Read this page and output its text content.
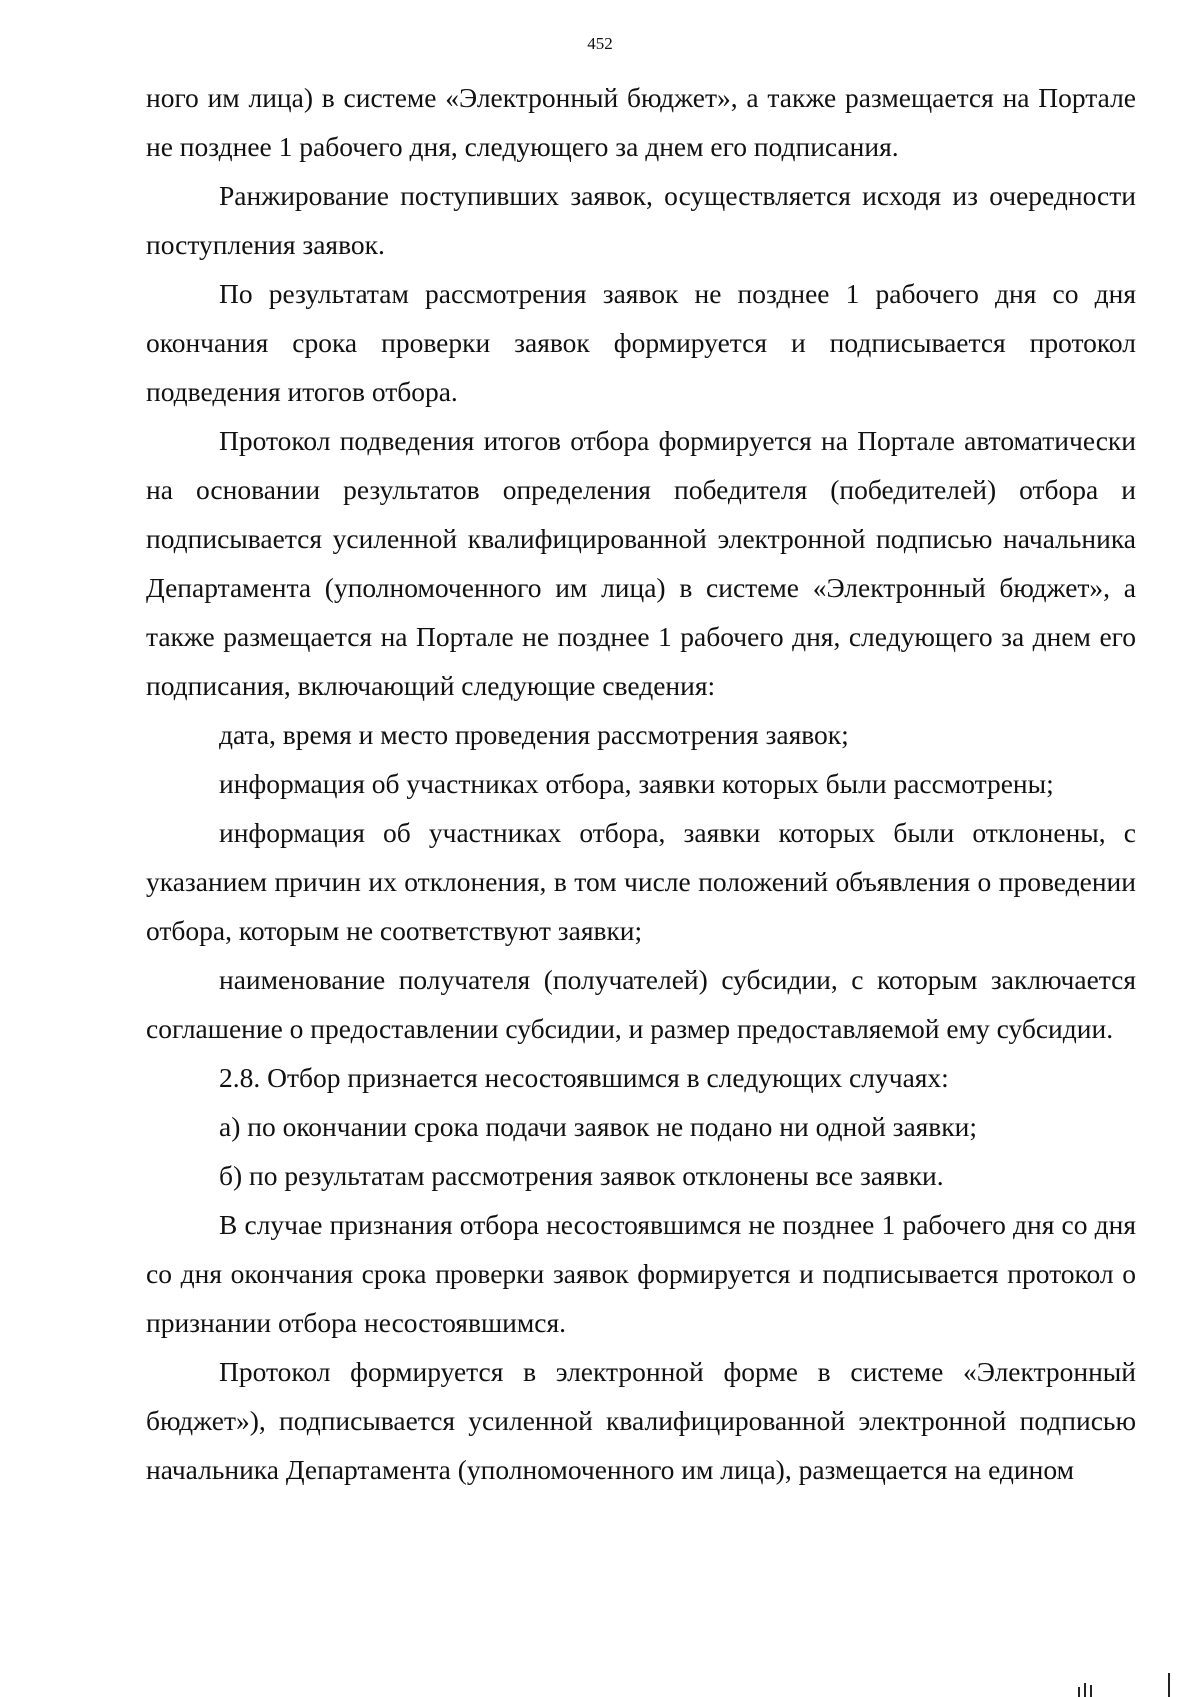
452

ного им лица) в системе «Электронный бюджет», а также размещается на Портале не позднее 1 рабочего дня, следующего за днем его подписания.

Ранжирование поступивших заявок, осуществляется исходя из очередности поступления заявок.

По результатам рассмотрения заявок не позднее 1 рабочего дня со дня окончания срока проверки заявок формируется и подписывается протокол подведения итогов отбора.

Протокол подведения итогов отбора формируется на Портале автоматически на основании результатов определения победителя (победителей) отбора и подписывается усиленной квалифицированной электронной подписью начальника Департамента (уполномоченного им лица) в системе «Электронный бюджет», а также размещается на Портале не позднее 1 рабочего дня, следующего за днем его подписания, включающий следующие сведения:

дата, время и место проведения рассмотрения заявок;

информация об участниках отбора, заявки которых были рассмотрены;

информация об участниках отбора, заявки которых были отклонены, с указанием причин их отклонения, в том числе положений объявления о проведении отбора, которым не соответствуют заявки;

наименование получателя (получателей) субсидии, с которым заключается соглашение о предоставлении субсидии, и размер предоставляемой ему субсидии.

2.8. Отбор признается несостоявшимся в следующих случаях:

а) по окончании срока подачи заявок не подано ни одной заявки;

б) по результатам рассмотрения заявок отклонены все заявки.

В случае признания отбора несостоявшимся не позднее 1 рабочего дня со дня со дня окончания срока проверки заявок формируется и подписывается протокол о признании отбора несостоявшимся.

Протокол формируется в электронной форме в системе «Электронный бюджет»), подписывается усиленной квалифицированной электронной подписью начальника Департамента (уполномоченного им лица), размещается на едином
